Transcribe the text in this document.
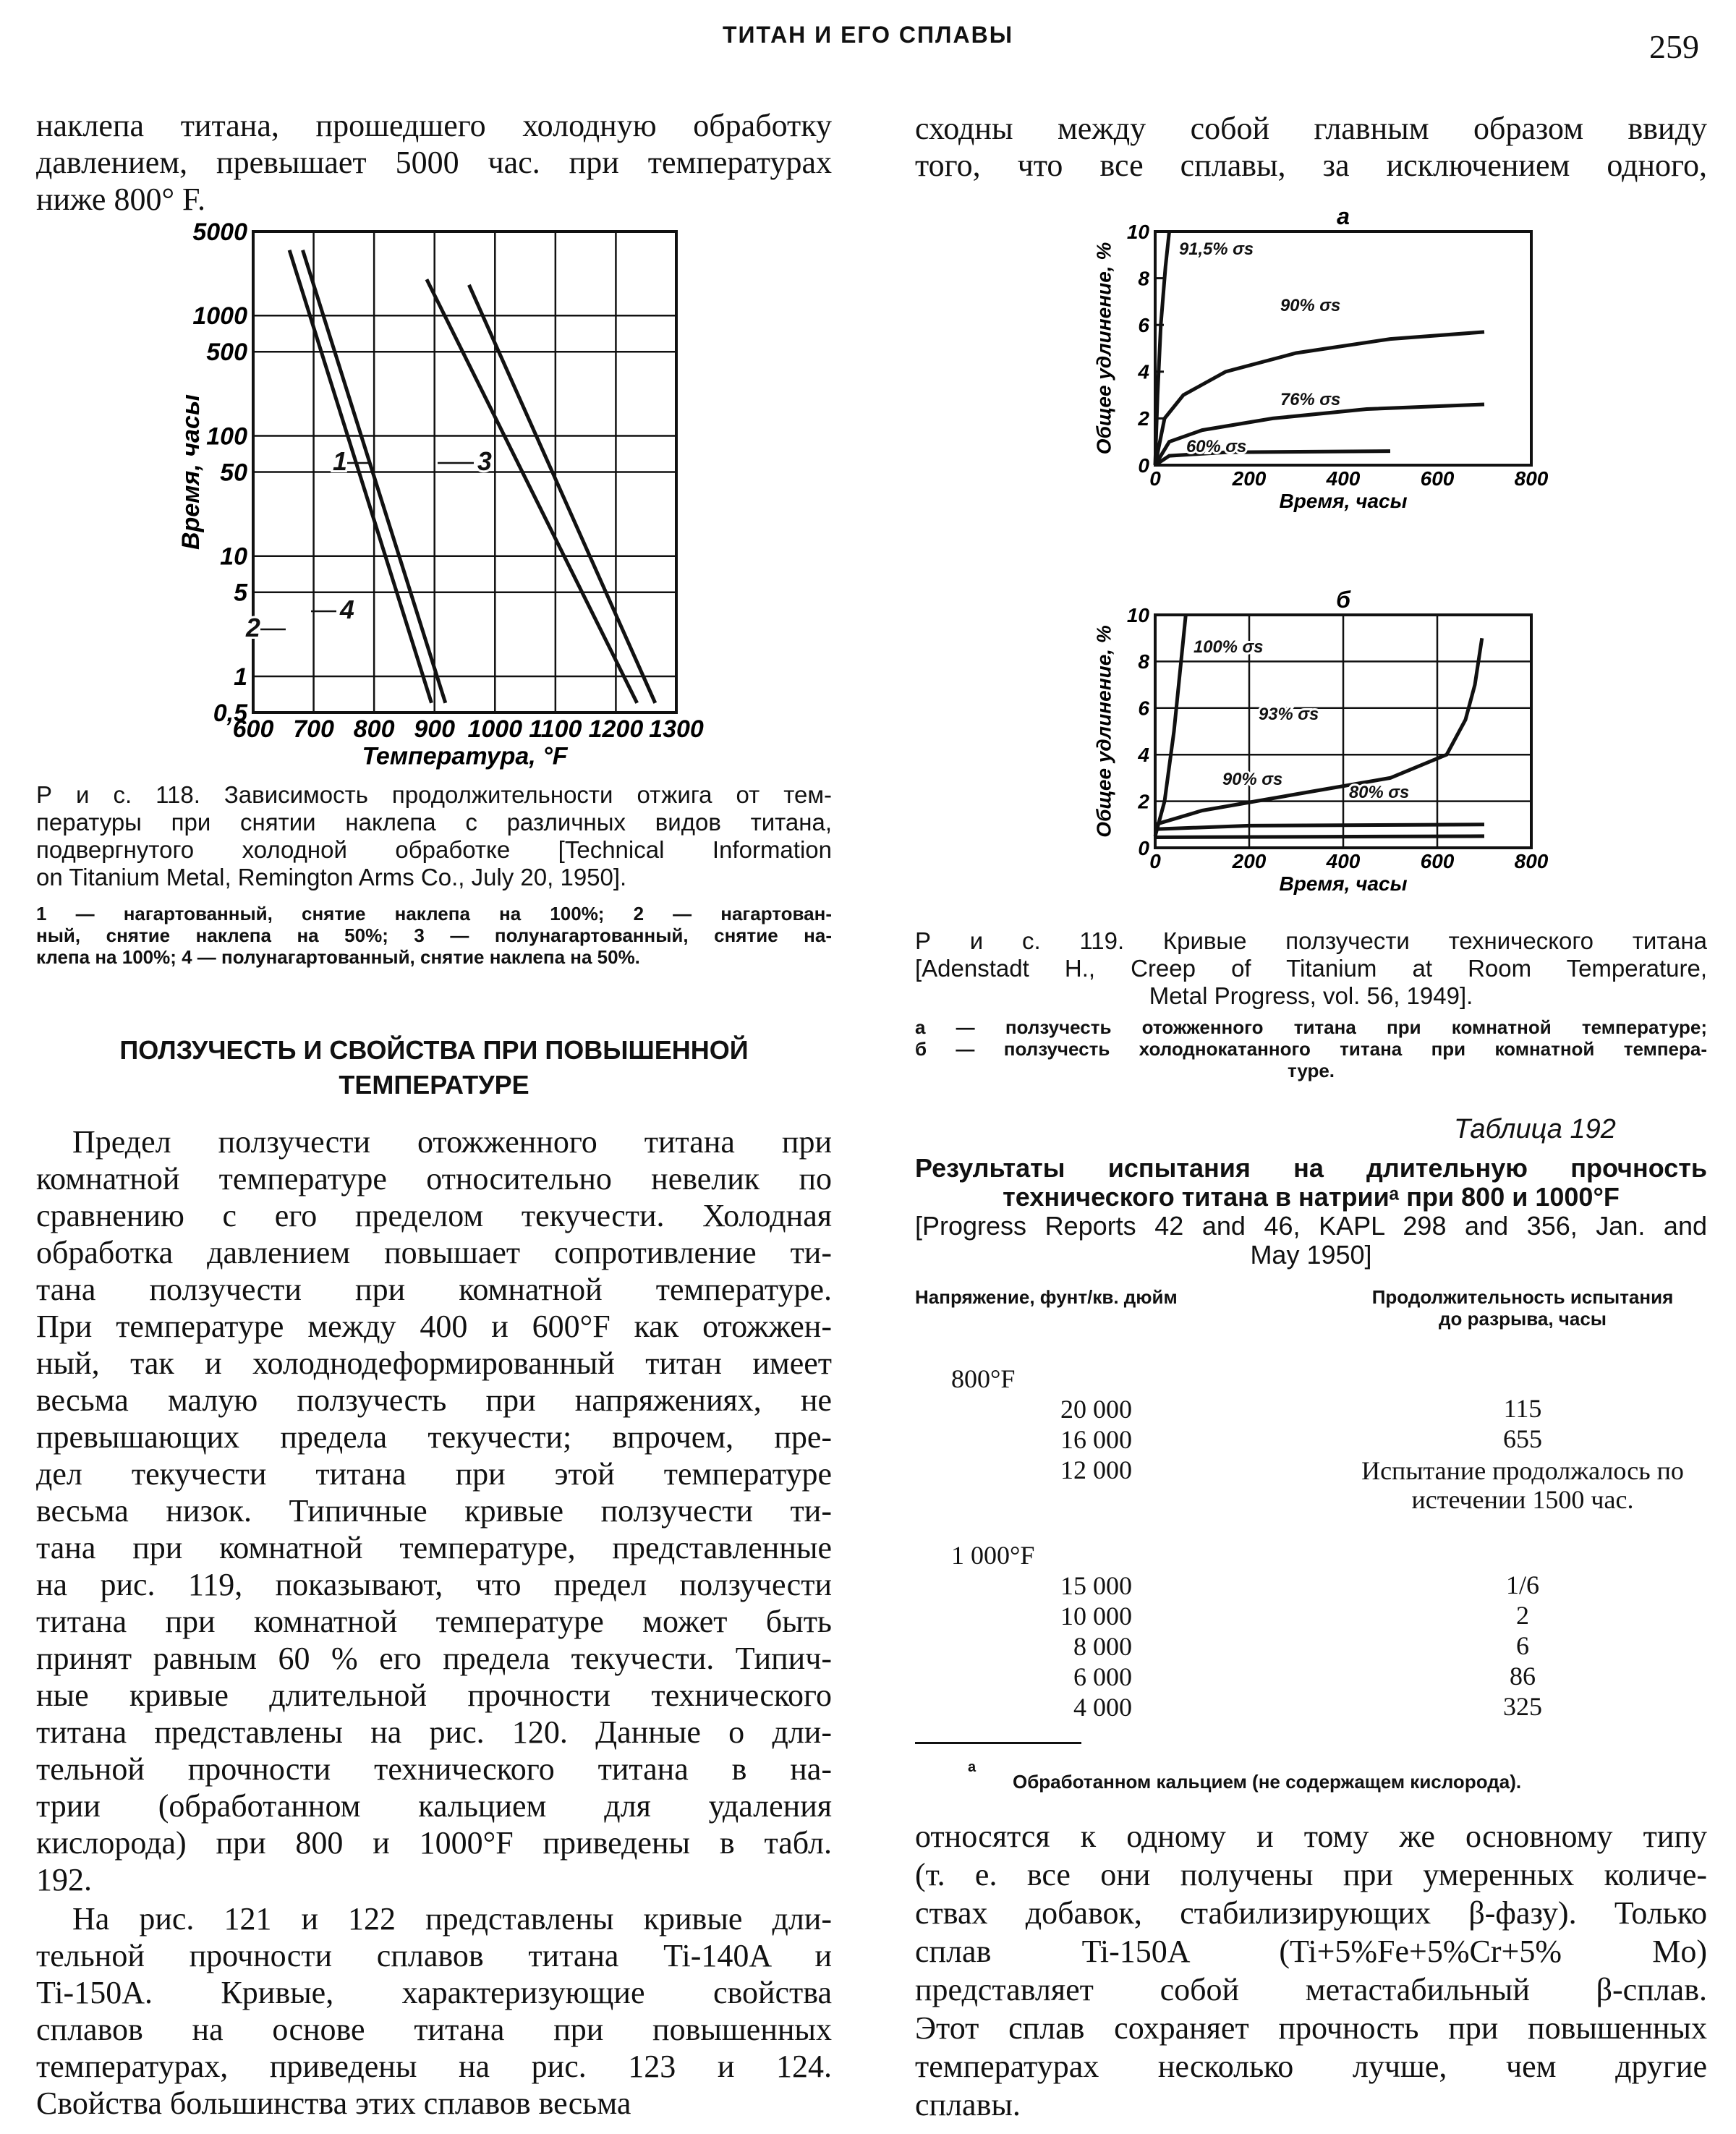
ТИТАН И ЕГО СПЛАВЫ	259
наклепа титана, прошедшего холодную обработку
давлением, превышает 5000 час. при температурах
ниже 800° F.
600 700 800 900 1000 1100 1200 1300
0,5
1
5
10
50
100
500
1000
5000
Температура, °F
Время, часы
2
4
1	3
Р и с. 118. Зависимость продолжительности отжига от тем-
пературы при снятии наклепа с различных видов титана,
подвергнутого холодной обработке [Technical Information
on Titanium Metal, Remington Arms Co., July 20, 1950].
1 — нагартованный, снятие наклепа на 100%; 2 — нагартован-
ный, снятие наклепа на 50%; 3 — полунагартованный, снятие на-
клепа на 100%; 4 — полунагартованный, снятие наклепа на 50%.
ПОЛЗУЧЕСТЬ И СВОЙСТВА ПРИ ПОВЫШЕННОЙ
ТЕМПЕРАТУРЕ
Предел ползучести отожженного титана при
комнатной температуре относительно невелик по
сравнению с его пределом текучести. Холодная
обработка давлением повышает сопротивление ти-
тана ползучести при комнатной температуре.
При температуре между 400 и 600°F как отожжен-
ный, так и холоднодеформированный титан имеет
весьма малую ползучесть при напряжениях, не
превышающих предела текучести; впрочем, пре-
дел текучести титана при этой температуре
весьма низок. Типичные кривые ползучести ти-
тана при комнатной температуре, представленные
на рис. 119, показывают, что предел ползучести
титана при комнатной температуре может быть
принят равным 60 % его предела текучести. Типич-
ные кривые длительной прочности технического
титана представлены на рис. 120. Данные о дли-
тельной прочности технического титана в на-
трии (обработанном кальцием для удаления
кислорода) при 800 и 1000°F приведены в табл.
192.
На рис. 121 и 122 представлены кривые дли-
тельной прочности сплавов титана Ti-140A и
Ti-150A. Кривые, характеризующие свойства
сплавов на основе титана при повышенных
температурах, приведены на рис. 123 и 124.
Свойства большинства этих сплавов весьма
сходны между собой главным образом ввиду
того, что все сплавы, за исключением одного,
0	200	400	600	800
0
2
4
6
8
10
Время, часы
Общее удлинение, %
а
91,5% σs
90% σs
76% σs
60% σs
0	200	400	600	800
0
2
4
6
8
10
Время, часы
Общее удлинение, %
б
100% σs
93% σs
90% σs
80% σs
Р и с. 119. Кривые ползучести технического титана
[Adenstadt H., Creep of Titanium at Room Temperature,
Metal Progress, vol. 56, 1949].
а — ползучесть отожженного титана при комнатной температуре;
б — ползучесть холоднокатанного титана при комнатной темпера-
туре.
Таблица 192
Результаты испытания на длительную прочность
технического титана в натрииᵃ при 800 и 1000°F
[Progress Reports 42 and 46, KAPL 298 and 356, Jan. and
May 1950]
Напряжение, фунт/кв. дюйм	Продолжительность испытания
до разрыва, часы
800°F
20 000	115
16 000	655
12 000	Испытание продолжалось по истечении 1500 час.
1 000°F
15 000	1/6
10 000	2
8 000	6
6 000	86
4 000	325
а
Обработанном кальцием (не содержащем кислорода).
относятся к одному и тому же основному типу
(т. е. все они получены при умеренных количе-
ствах добавок, стабилизирующих β-фазу). Только
сплав Ti-150A (Ti+5%Fe+5%Cr+5% Mo)
представляет собой метастабильный β-сплав.
Этот сплав сохраняет прочность при повышенных
температурах несколько лучше, чем другие
сплавы.
